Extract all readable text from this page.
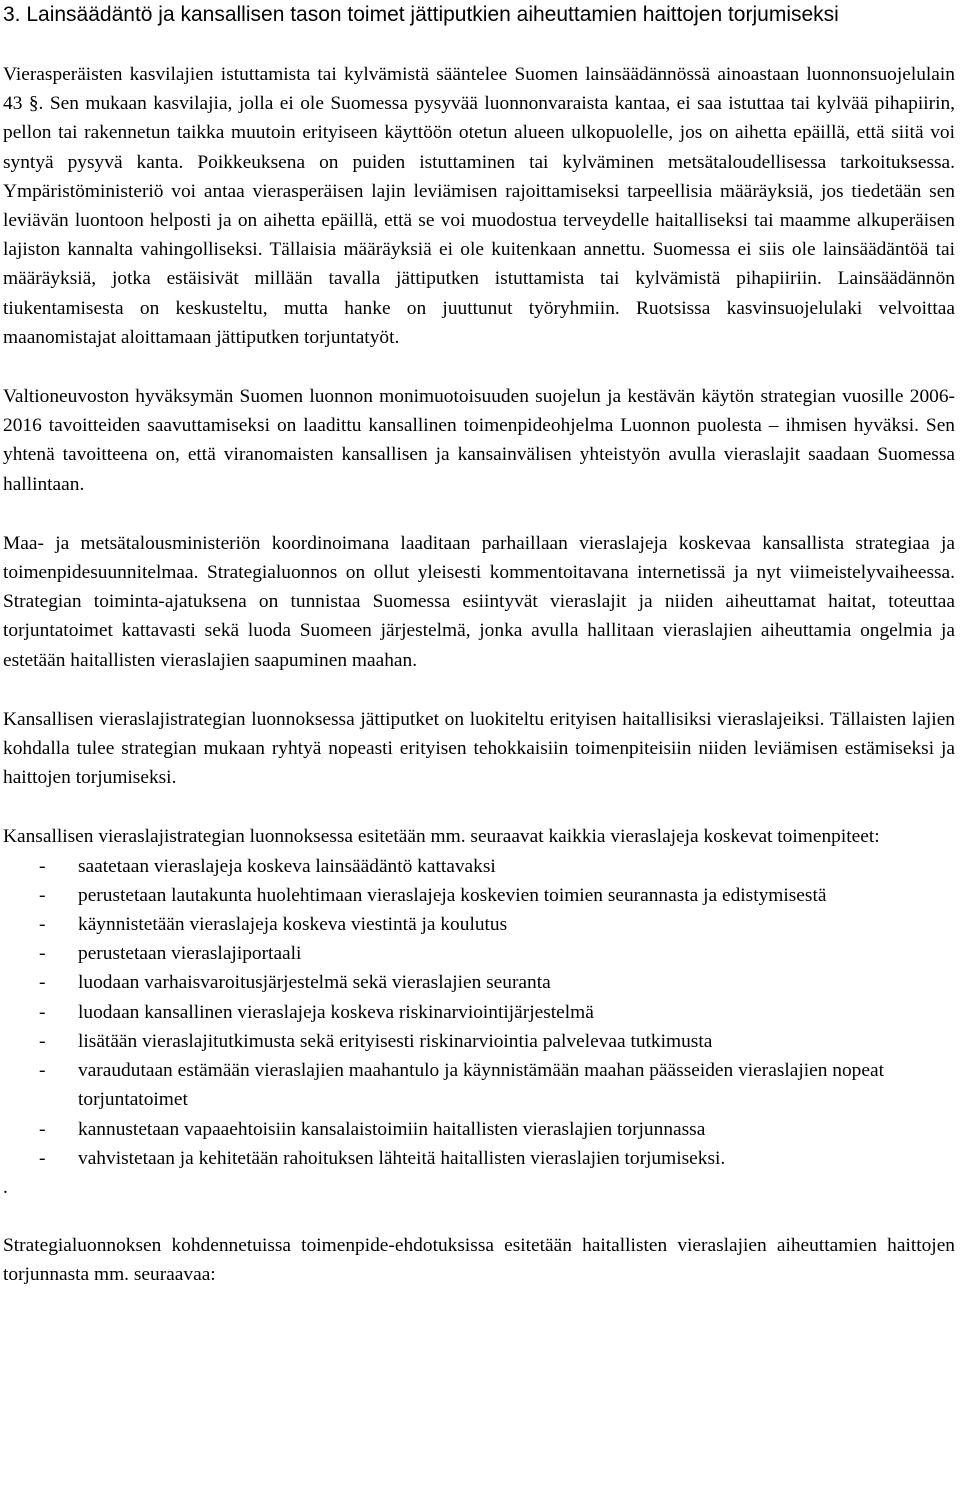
3. Lainsäädäntö ja kansallisen tason toimet jättiputkien aiheuttamien haittojen torjumiseksi

Vierasperäisten kasvilajien istuttamista tai kylvämistä sääntelee Suomen lainsäädännössä ainoastaan luonnonsuojelulain 43 §. Sen mukaan kasvilajia, jolla ei ole Suomessa pysyvää luonnonvaraista kantaa, ei saa istuttaa tai kylvää pihapiirin, pellon tai rakennetun taikka muutoin erityiseen käyttöön otetun alueen ulkopuolelle, jos on aihetta epäillä, että siitä voi syntyä pysyvä kanta. Poikkeuksena on puiden istuttaminen tai kylväminen metsätaloudellisessa tarkoituksessa. Ympäristöministeriö voi antaa vierasperäisen lajin leviämisen rajoittamiseksi tarpeellisia määräyksiä, jos tiedetään sen leviävän luontoon helposti ja on aihetta epäillä, että se voi muodostua terveydelle haitalliseksi tai maamme alkuperäisen lajiston kannalta vahingolliseksi. Tällaisia määräyksiä ei ole kuitenkaan annettu. Suomessa ei siis ole lainsäädäntöä tai määräyksiä, jotka estäisivät millään tavalla jättiputken istuttamista tai kylvämistä pihapiiriin. Lainsäädännön tiukentamisesta on keskusteltu, mutta hanke on juuttunut työryhmiin. Ruotsissa kasvinsuojelulaki velvoittaa maanomistajat aloittamaan jättiputken torjuntatyöt.

Valtioneuvoston hyväksymän Suomen luonnon monimuotoisuuden suojelun ja kestävän käytön strategian vuosille 2006-2016 tavoitteiden saavuttamiseksi on laadittu kansallinen toimenpideohjelma Luonnon puolesta – ihmisen hyväksi. Sen yhtenä tavoitteena on, että viranomaisten kansallisen ja kansainvälisen yhteistyön avulla vieraslajit saadaan Suomessa hallintaan.

Maa- ja metsätalousministeriön koordinoimana laaditaan parhaillaan vieraslajeja koskevaa kansallista strategiaa ja toimenpidesuunnitelmaa. Strategialuonnos on ollut yleisesti kommentoitavana internetissä ja nyt viimeistelyvaiheessa. Strategian toiminta-ajatuksena on tunnistaa Suomessa esiintyvät vieraslajit ja niiden aiheuttamat haitat, toteuttaa torjuntatoimet kattavasti sekä luoda Suomeen järjestelmä, jonka avulla hallitaan vieraslajien aiheuttamia ongelmia ja estetään haitallisten vieraslajien saapuminen maahan.

Kansallisen vieraslajistrategian luonnoksessa jättiputket on luokiteltu erityisen haitallisiksi vieraslajeiksi. Tällaisten lajien kohdalla tulee strategian mukaan ryhtyä nopeasti erityisen tehokkaisiin toimenpiteisiin niiden leviämisen estämiseksi ja haittojen torjumiseksi.

Kansallisen vieraslajistrategian luonnoksessa esitetään mm. seuraavat kaikkia vieraslajeja koskevat toimenpiteet:

- saatetaan vieraslajeja koskeva lainsäädäntö kattavaksi
- perustetaan lautakunta huolehtimaan vieraslajeja koskevien toimien seurannasta ja edistymisestä
- käynnistetään vieraslajeja koskeva viestintä ja koulutus
- perustetaan vieraslajiportaali
- luodaan varhaisvaroitusjärjestelmä sekä vieraslajien seuranta
- luodaan kansallinen vieraslajeja koskeva riskinarviointijärjestelmä
- lisätään vieraslajitutkimusta sekä erityisesti riskinarviointia palvelevaa tutkimusta
- varaudutaan estämään vieraslajien maahantulo ja käynnistämään maahan päässeiden vieraslajien nopeat torjuntatoimet
- kannustetaan vapaaehtoisiin kansalaistoimiin haitallisten vieraslajien torjunnassa
- vahvistetaan ja kehitetään rahoituksen lähteitä haitallisten vieraslajien torjumiseksi.

.

Strategialuonnoksen kohdennetuissa toimenpide-ehdotuksissa esitetään haitallisten vieraslajien aiheuttamien haittojen torjunnasta mm. seuraavaa:
